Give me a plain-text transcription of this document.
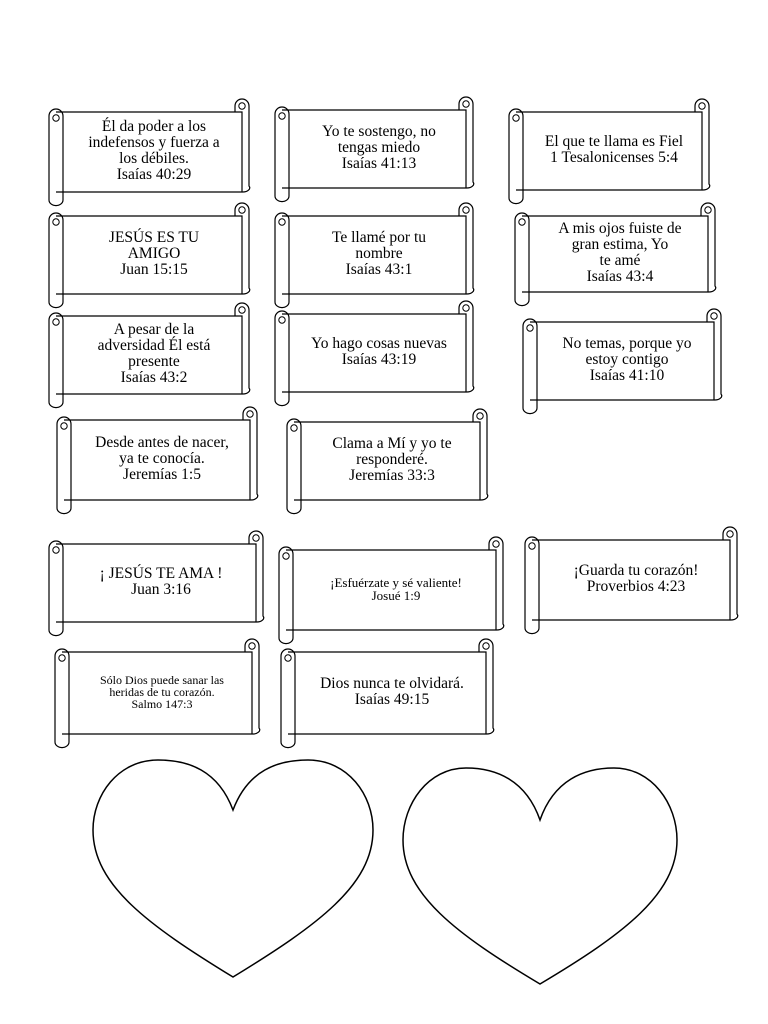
Él da poder a los
indefensos y fuerza a
los débiles.
Isaías 40:29
Yo te sostengo, no
tengas miedo
Isaías 41:13
El que te llama es Fiel
1 Tesalonicenses 5:4
JESÚS ES TU
AMIGO
Juan 15:15
Te llamé por tu
nombre
Isaías 43:1
A mis ojos fuiste de
gran estima, Yo
te amé
Isaías 43:4
A pesar de la
adversidad Él está
presente
Isaías 43:2
Yo hago cosas nuevas
Isaías 43:19
No temas, porque yo
estoy contigo
Isaías 41:10
Desde antes de nacer,
ya te conocía.
Jeremías 1:5
Clama a Mí y yo te
responderé.
Jeremías 33:3
¡ JESÚS TE AMA !
Juan 3:16	¡Esfuérzate y sé valiente!
Josué 1:9
¡Guarda tu corazón!
Proverbios 4:23
Sólo Dios puede sanar las
heridas de tu corazón.
Salmo 147:3
Dios nunca te olvidará.
Isaías 49:15
